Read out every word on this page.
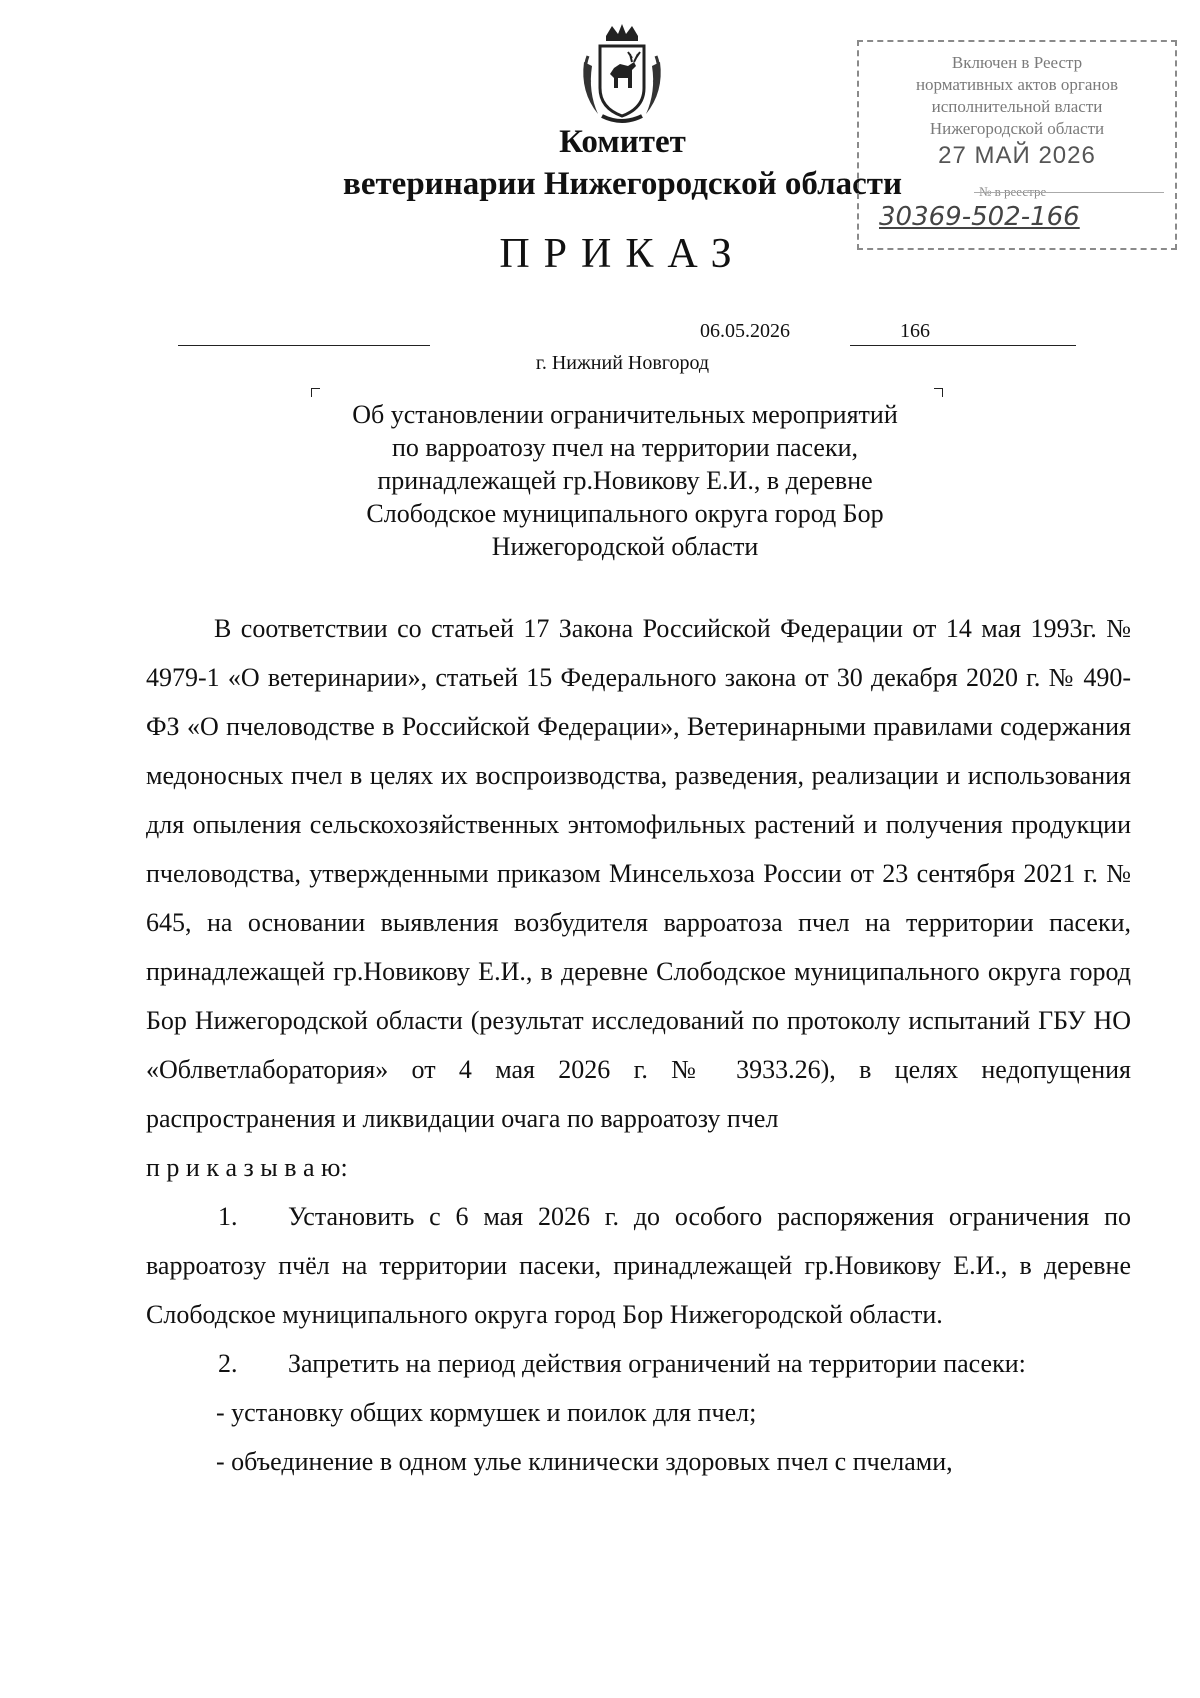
Комитет
ветеринарии Нижегородской области
ПРИКАЗ
Включен в Реестр
нормативных актов органов
исполнительной власти
Нижегородской области
27 МАЙ 2026
№ в реестре
30369-502-166
06.05.2026	166
г. Нижний Новгород
Об установлении ограничительных мероприятий
по варроатозу пчел на территории пасеки,
принадлежащей гр.Новикову Е.И., в деревне
Слободское муниципального округа город Бор
Нижегородской области

В соответствии со статьей 17 Закона Российской Федерации от 14 мая 1993г. № 4979-1 «О ветеринарии», статьей 15 Федерального закона от 30 декабря 2020 г. № 490-ФЗ «О пчеловодстве в Российской Федерации», Ветеринарными правилами содержания медоносных пчел в целях их воспроизводства, разведения, реализации и использования для опыления сельскохозяйственных энтомофильных растений и получения продукции пчеловодства, утвержденными приказом Минсельхоза России от 23 сентября 2021 г. № 645, на основании выявления возбудителя варроатоза пчел на территории пасеки, принадлежащей гр.Новикову Е.И., в деревне Слободское муниципального округа город Бор Нижегородской области (результат исследований по протоколу испытаний ГБУ НО «Облветлаборатория» от 4 мая 2026 г. № 3933.26), в целях недопущения распространения и ликвидации очага по варроатозу пчел

п р и к а з ы в а ю:

1. Установить с 6 мая 2026 г. до особого распоряжения ограничения по варроатозу пчёл на территории пасеки, принадлежащей гр.Новикову Е.И., в деревне Слободское муниципального округа город Бор Нижегородской области.

2. Запретить на период действия ограничений на территории пасеки:

- установку общих кормушек и поилок для пчел;

- объединение в одном улье клинически здоровых пчел с пчелами,
